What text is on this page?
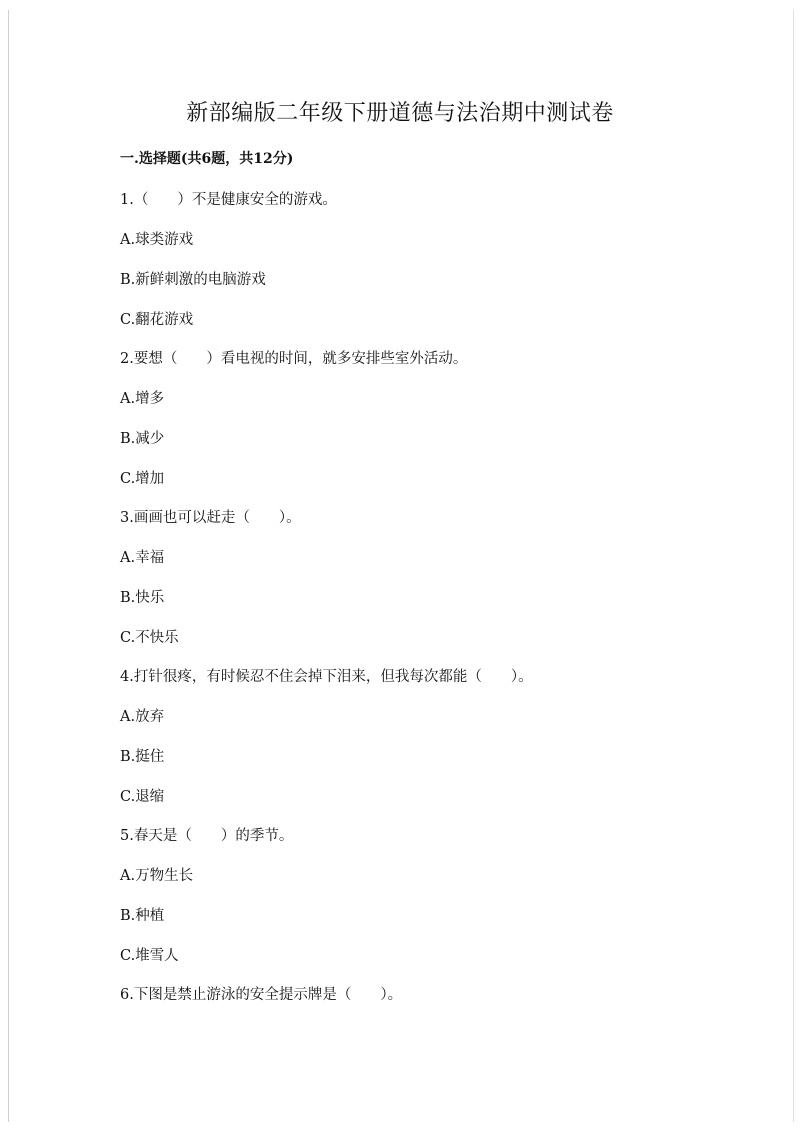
新部编版二年级下册道德与法治期中测试卷

一.选择题(共6题，共12分)

1.（　　）不是健康安全的游戏。

A.球类游戏

B.新鲜刺激的电脑游戏

C.翻花游戏

2.要想（　　）看电视的时间，就多安排些室外活动。

A.增多

B.减少

C.增加

3.画画也可以赶走（　　）。

A.幸福

B.快乐

C.不快乐

4.打针很疼，有时候忍不住会掉下泪来，但我每次都能（　　）。

A.放弃

B.挺住

C.退缩

5.春天是（　　）的季节。

A.万物生长

B.种植

C.堆雪人

6.下图是禁止游泳的安全提示牌是（　　）。
